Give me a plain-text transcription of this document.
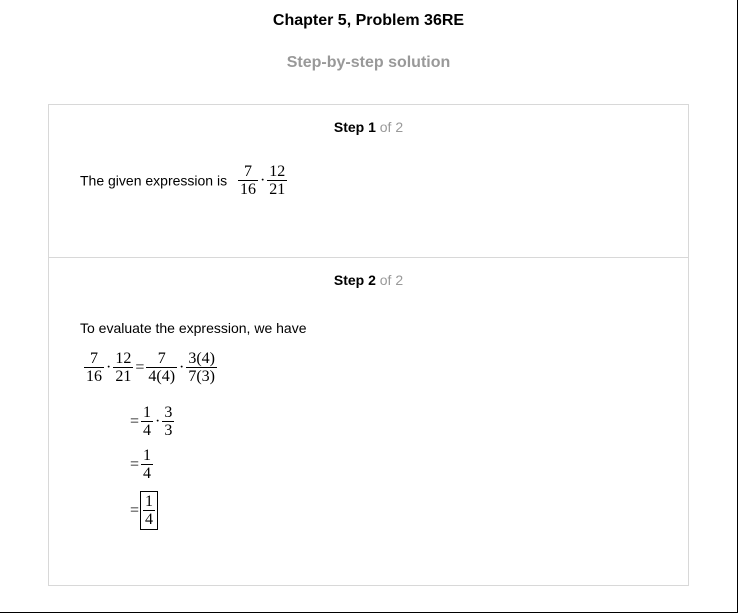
Chapter 5, Problem 36RE
Step-by-step solution
Step 1 of 2
The given expression is $\frac{7}{16} \cdot \frac{12}{21}$
Step 2 of 2
To evaluate the expression, we have
$\frac{7}{16} \cdot \frac{12}{21} = \frac{7}{4(4)} \cdot \frac{3(4)}{7(3)}$
= $\frac{1}{4} \cdot \frac{3}{3}$
= $\frac{1}{4}$
= $\frac{1}{4}$
